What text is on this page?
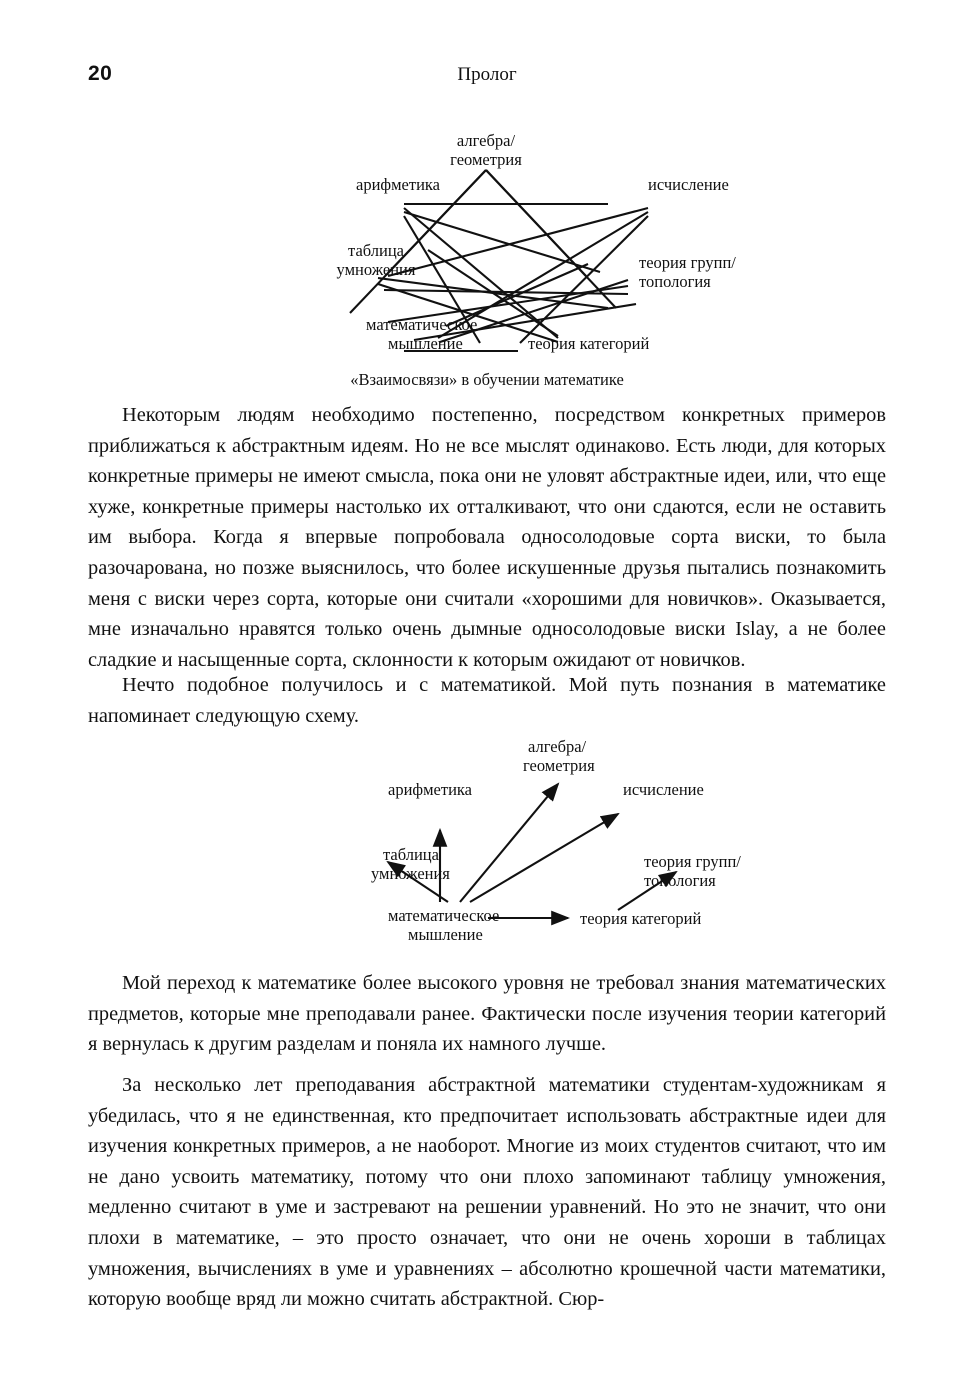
20	Пролог
алгебра/
геометрия
арифметика	исчисление
таблица
умножения	теория групп/
топология
математическое
мышление	теория категорий
«Взаимосвязи» в обучении математике

Некоторым людям необходимо постепенно, посредством конкретных примеров приближаться к абстрактным идеям. Но не все мыслят одинаково. Есть люди, для которых конкретные примеры не имеют смысла, пока они не уловят абстрактные идеи, или, что еще хуже, конкретные примеры настолько их отталкивают, что они сдаются, если не оставить им выбора. Когда я впервые попробовала односолодовые сорта виски, то была разочарована, но позже выяснилось, что более искушенные друзья пытались познакомить меня с виски через сорта, которые они считали «хорошими для новичков». Оказывается, мне изначально нравятся только очень дымные односолодовые виски Islay, а не более сладкие и насыщенные сорта, склонности к которым ожидают от новичков.

Нечто подобное получилось и с математикой. Мой путь познания в математике напоминает следующую схему.

алгебра/
геометрия
арифметика	исчисление
таблица
умножения
теория групп/
топология
математическое
мышление
теория категорий

Мой переход к математике более высокого уровня не требовал знания математических предметов, которые мне преподавали ранее. Фактически после изучения теории категорий я вернулась к другим разделам и поняла их намного лучше.

За несколько лет преподавания абстрактной математики студентам-художникам я убедилась, что я не единственная, кто предпочитает использовать абстрактные идеи для изучения конкретных примеров, а не наоборот. Многие из моих студентов считают, что им не дано усвоить математику, потому что они плохо запоминают таблицу умножения, медленно считают в уме и застревают на решении уравнений. Но это не значит, что они плохи в математике, – это просто означает, что они не очень хороши в таблицах умножения, вычислениях в уме и уравнениях – абсолютно крошечной части математики, которую вообще вряд ли можно считать абстрактной. Сюр-
